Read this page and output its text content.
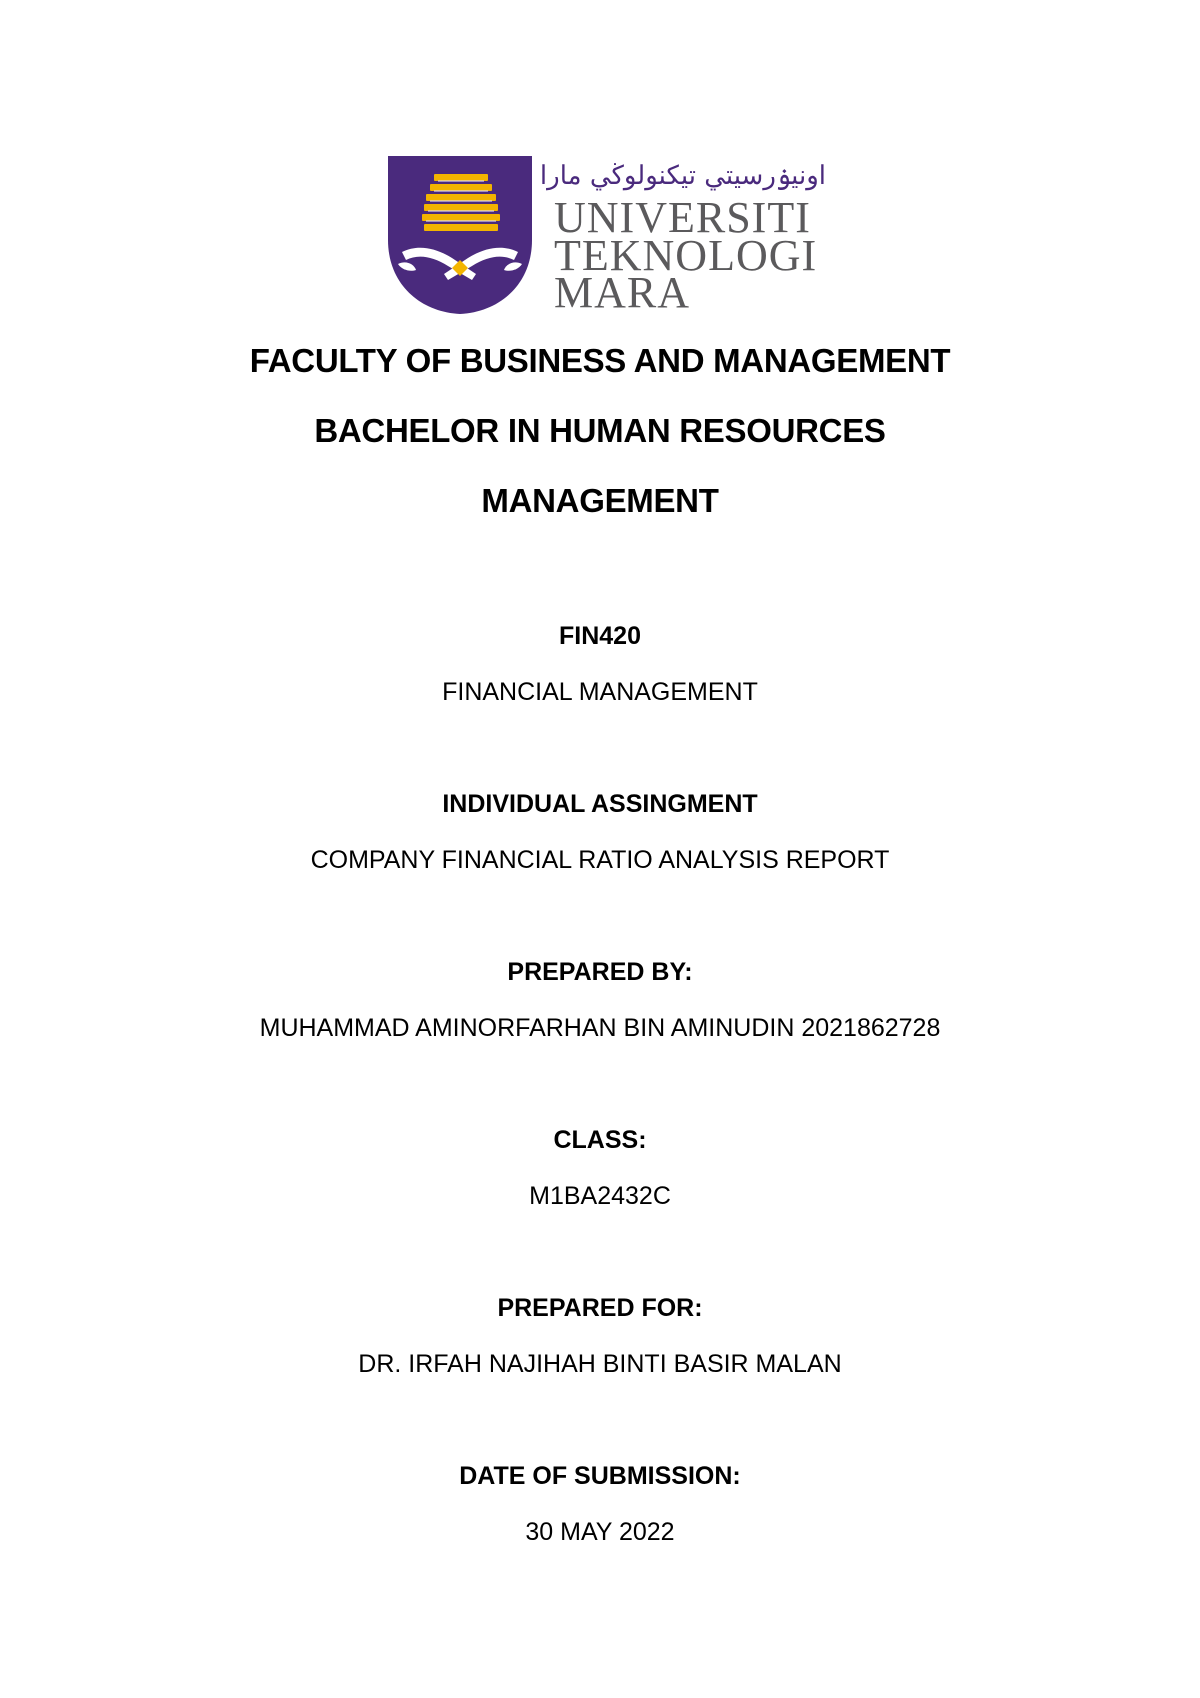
اونيۏرسيتي تيكنولوڬي مارا
UNIVERSITI
TEKNOLOGI
MARA
FACULTY OF BUSINESS AND MANAGEMENT
BACHELOR IN HUMAN RESOURCES
MANAGEMENT
FIN420
FINANCIAL MANAGEMENT
INDIVIDUAL ASSINGMENT
COMPANY FINANCIAL RATIO ANALYSIS REPORT
PREPARED BY:
MUHAMMAD AMINORFARHAN BIN AMINUDIN 2021862728
CLASS:
M1BA2432C
PREPARED FOR:
DR. IRFAH NAJIHAH BINTI BASIR MALAN
DATE OF SUBMISSION:
30 MAY 2022
